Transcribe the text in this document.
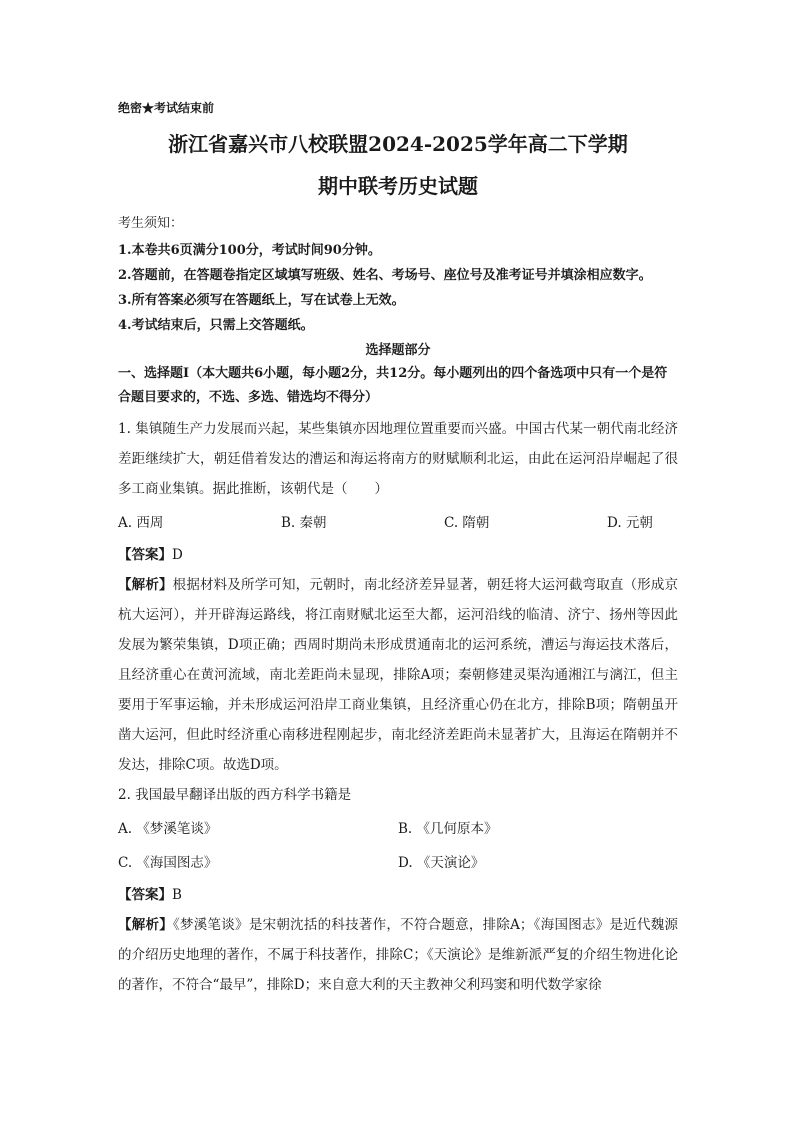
绝密★考试结束前
浙江省嘉兴市八校联盟2024-2025学年高二下学期
期中联考历史试题
考生须知：
1.本卷共6页满分100分，考试时间90分钟。
2.答题前，在答题卷指定区域填写班级、姓名、考场号、座位号及准考证号并填涂相应数字。
3.所有答案必须写在答题纸上，写在试卷上无效。
4.考试结束后，只需上交答题纸。
选择题部分
一、选择题Ⅰ（本大题共6小题，每小题2分，共12分。每小题列出的四个备选项中只有一个是符合题目要求的，不选、多选、错选均不得分）
1. 集镇随生产力发展而兴起，某些集镇亦因地理位置重要而兴盛。中国古代某一朝代南北经济差距继续扩大，朝廷借着发达的漕运和海运将南方的财赋顺利北运，由此在运河沿岸崛起了很多工商业集镇。据此推断，该朝代是（　　）
A. 西周	B. 秦朝	C. 隋朝	D. 元朝
【答案】D
【解析】根据材料及所学可知，元朝时，南北经济差异显著，朝廷将大运河截弯取直（形成京杭大运河），并开辟海运路线，将江南财赋北运至大都，运河沿线的临清、济宁、扬州等因此发展为繁荣集镇，D项正确；西周时期尚未形成贯通南北的运河系统，漕运与海运技术落后，且经济重心在黄河流域，南北差距尚未显现，排除A项；秦朝修建灵渠沟通湘江与漓江，但主要用于军事运输，并未形成运河沿岸工商业集镇，且经济重心仍在北方，排除B项；隋朝虽开凿大运河，但此时经济重心南移进程刚起步，南北经济差距尚未显著扩大，且海运在隋朝并不发达，排除C项。故选D项。
2. 我国最早翻译出版的西方科学书籍是
A. 《梦溪笔谈》	B. 《几何原本》
C. 《海国图志》	D. 《天演论》
【答案】B
【解析】《梦溪笔谈》是宋朝沈括的科技著作，不符合题意，排除A；《海国图志》是近代魏源的介绍历史地理的著作，不属于科技著作，排除C；《天演论》是维新派严复的介绍生物进化论的著作，不符合“最早”，排除D；来自意大利的天主教神父利玛窦和明代数学家徐
